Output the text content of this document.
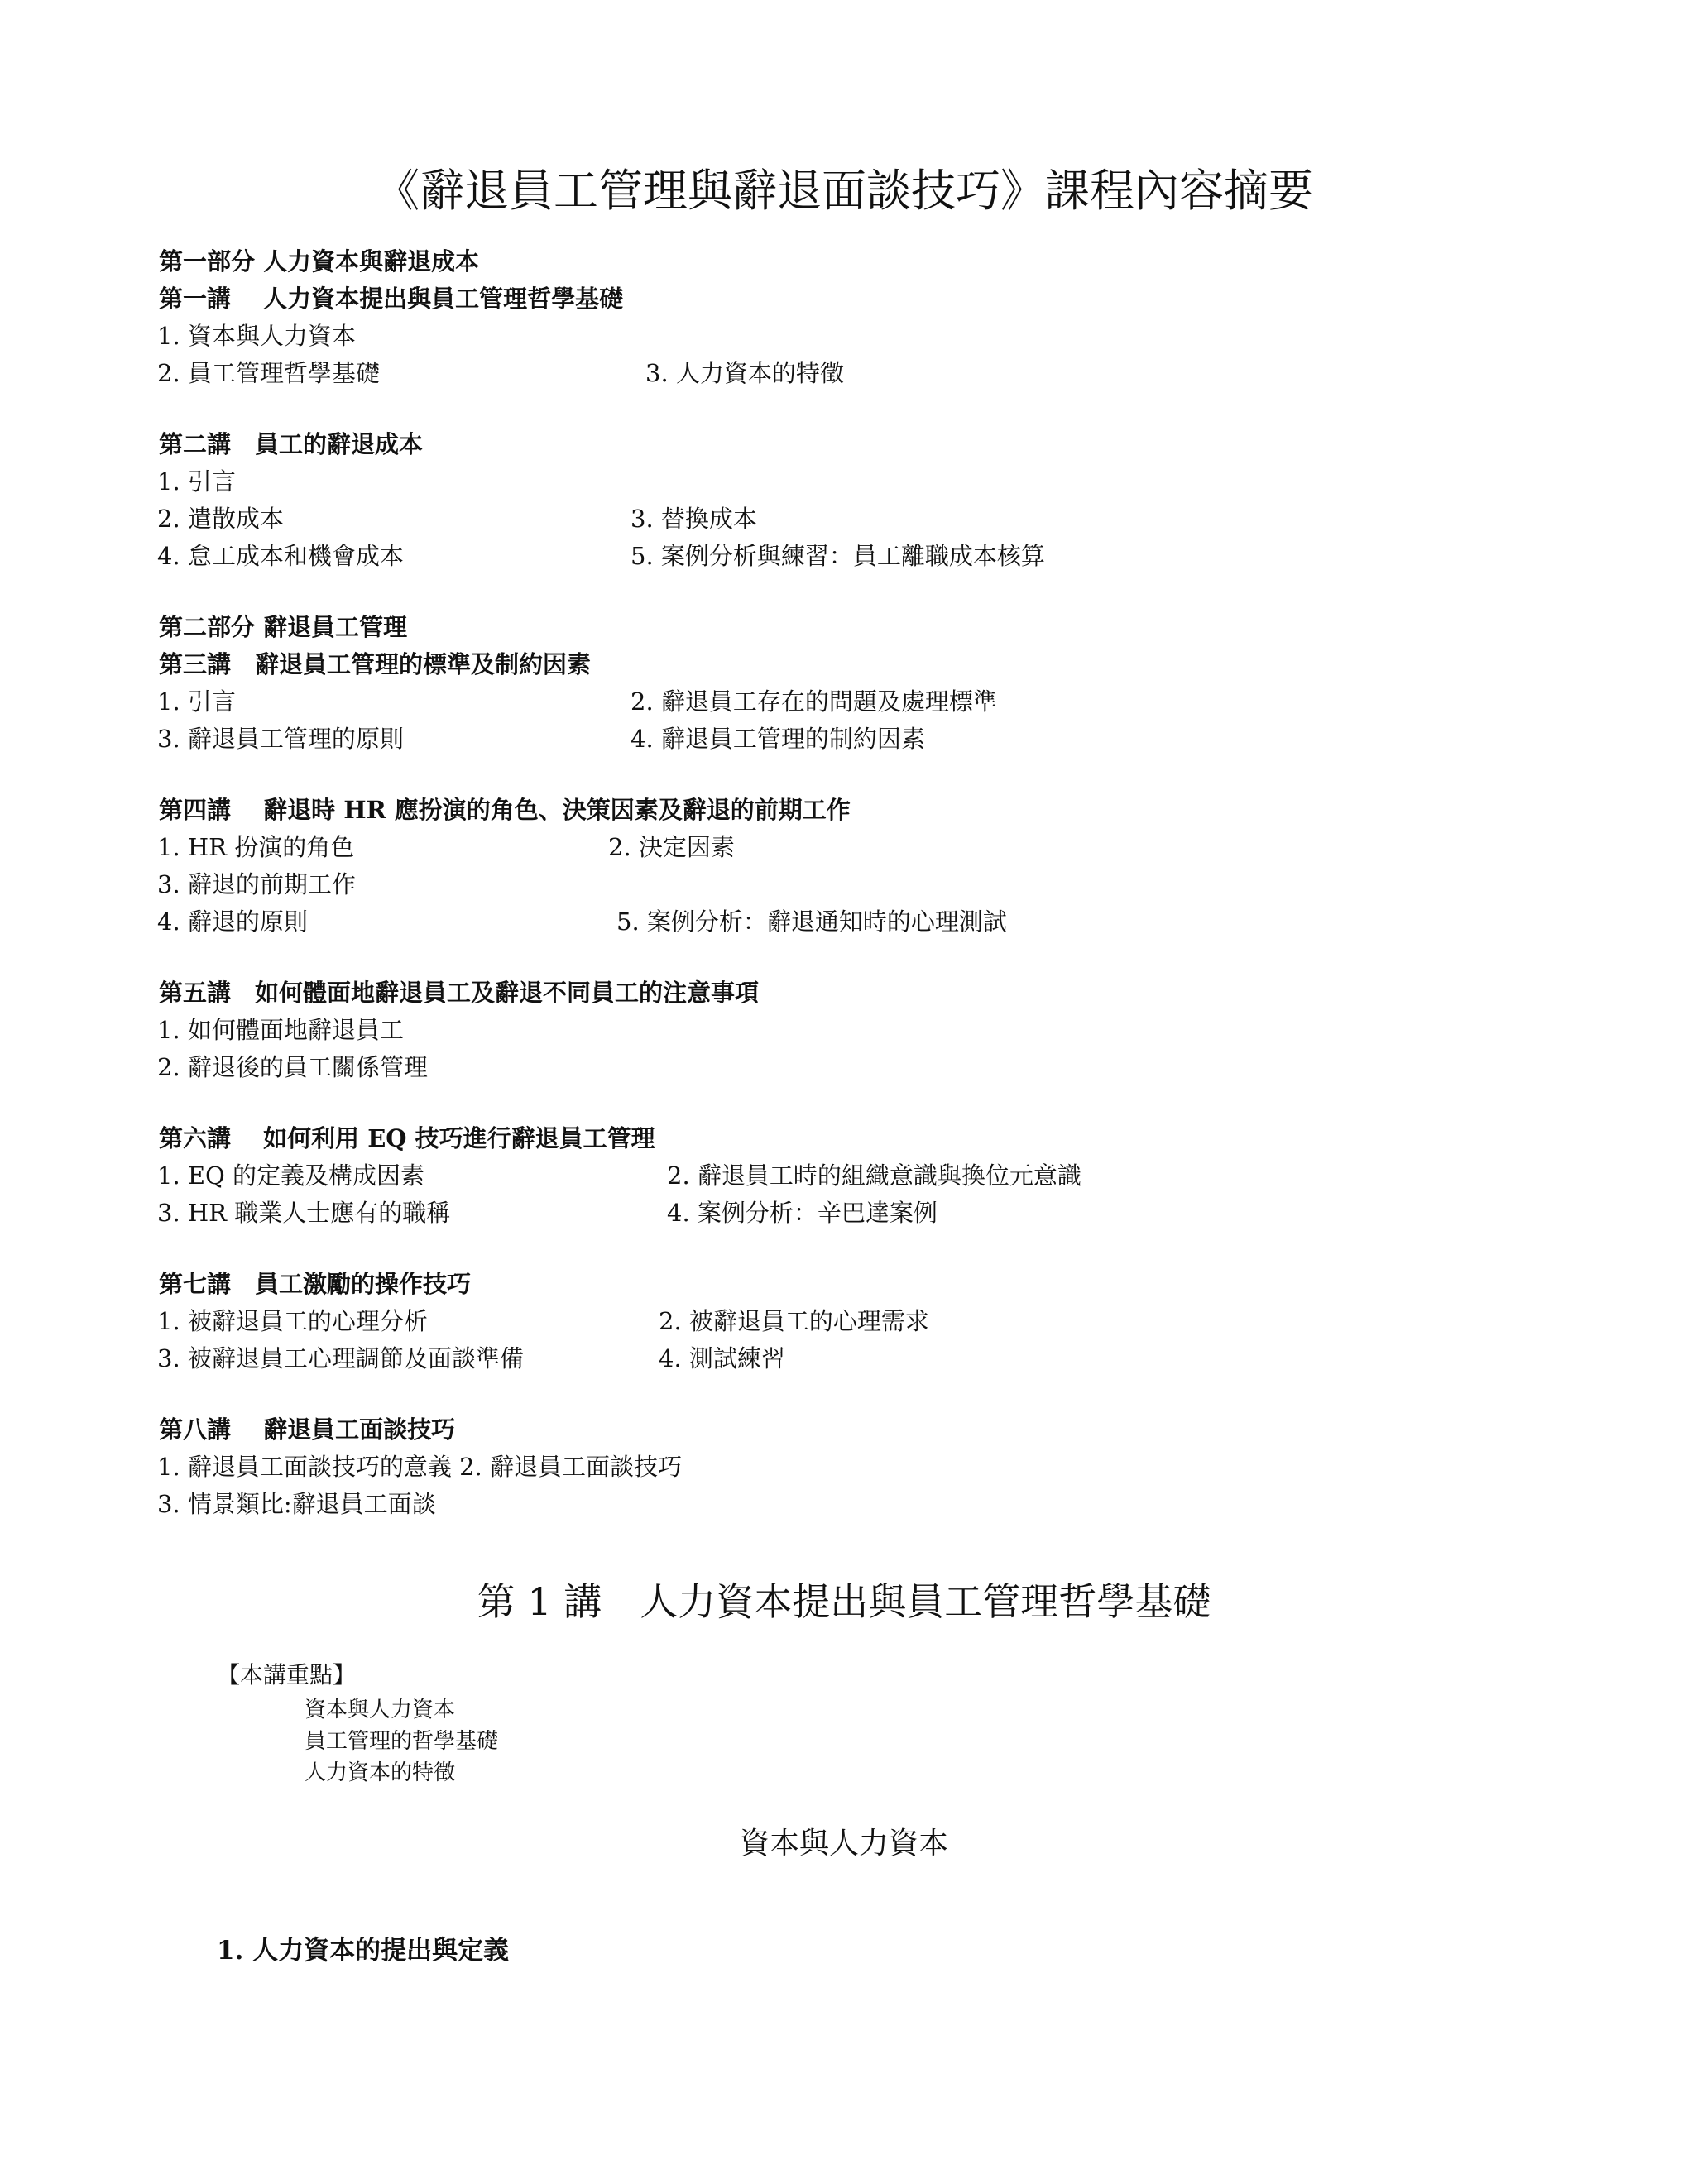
《辭退員工管理與辭退面談技巧》課程內容摘要
第一部分 人力資本與辭退成本
第一講　 人力資本提出與員工管理哲學基礎
1. 資本與人力資本
2. 員工管理哲學基礎	3. 人力資本的特徵
第二講　員工的辭退成本
1. 引言
2. 遣散成本	3. 替換成本
4. 怠工成本和機會成本	5. 案例分析與練習：員工離職成本核算
第二部分 辭退員工管理
第三講　辭退員工管理的標準及制約因素
1. 引言	2. 辭退員工存在的問題及處理標準
3. 辭退員工管理的原則	4. 辭退員工管理的制約因素
第四講　 辭退時 HR 應扮演的角色、決策因素及辭退的前期工作
1. HR 扮演的角色	2. 決定因素
3. 辭退的前期工作
4. 辭退的原則	5. 案例分析：辭退通知時的心理測試
第五講　如何體面地辭退員工及辭退不同員工的注意事項
1. 如何體面地辭退員工
2. 辭退後的員工關係管理
第六講　 如何利用 EQ 技巧進行辭退員工管理
1. EQ 的定義及構成因素	2. 辭退員工時的組織意識與換位元意識
3. HR 職業人士應有的職稱	4. 案例分析：辛巴達案例
第七講　員工激勵的操作技巧
1. 被辭退員工的心理分析	2. 被辭退員工的心理需求
3. 被辭退員工心理調節及面談準備	4. 測試練習
第八講　 辭退員工面談技巧
1. 辭退員工面談技巧的意義 2. 辭退員工面談技巧
3. 情景類比:辭退員工面談
第 1 講　人力資本提出與員工管理哲學基礎
【本講重點】
資本與人力資本
員工管理的哲學基礎
人力資本的特徵
資本與人力資本
1. 人力資本的提出與定義
